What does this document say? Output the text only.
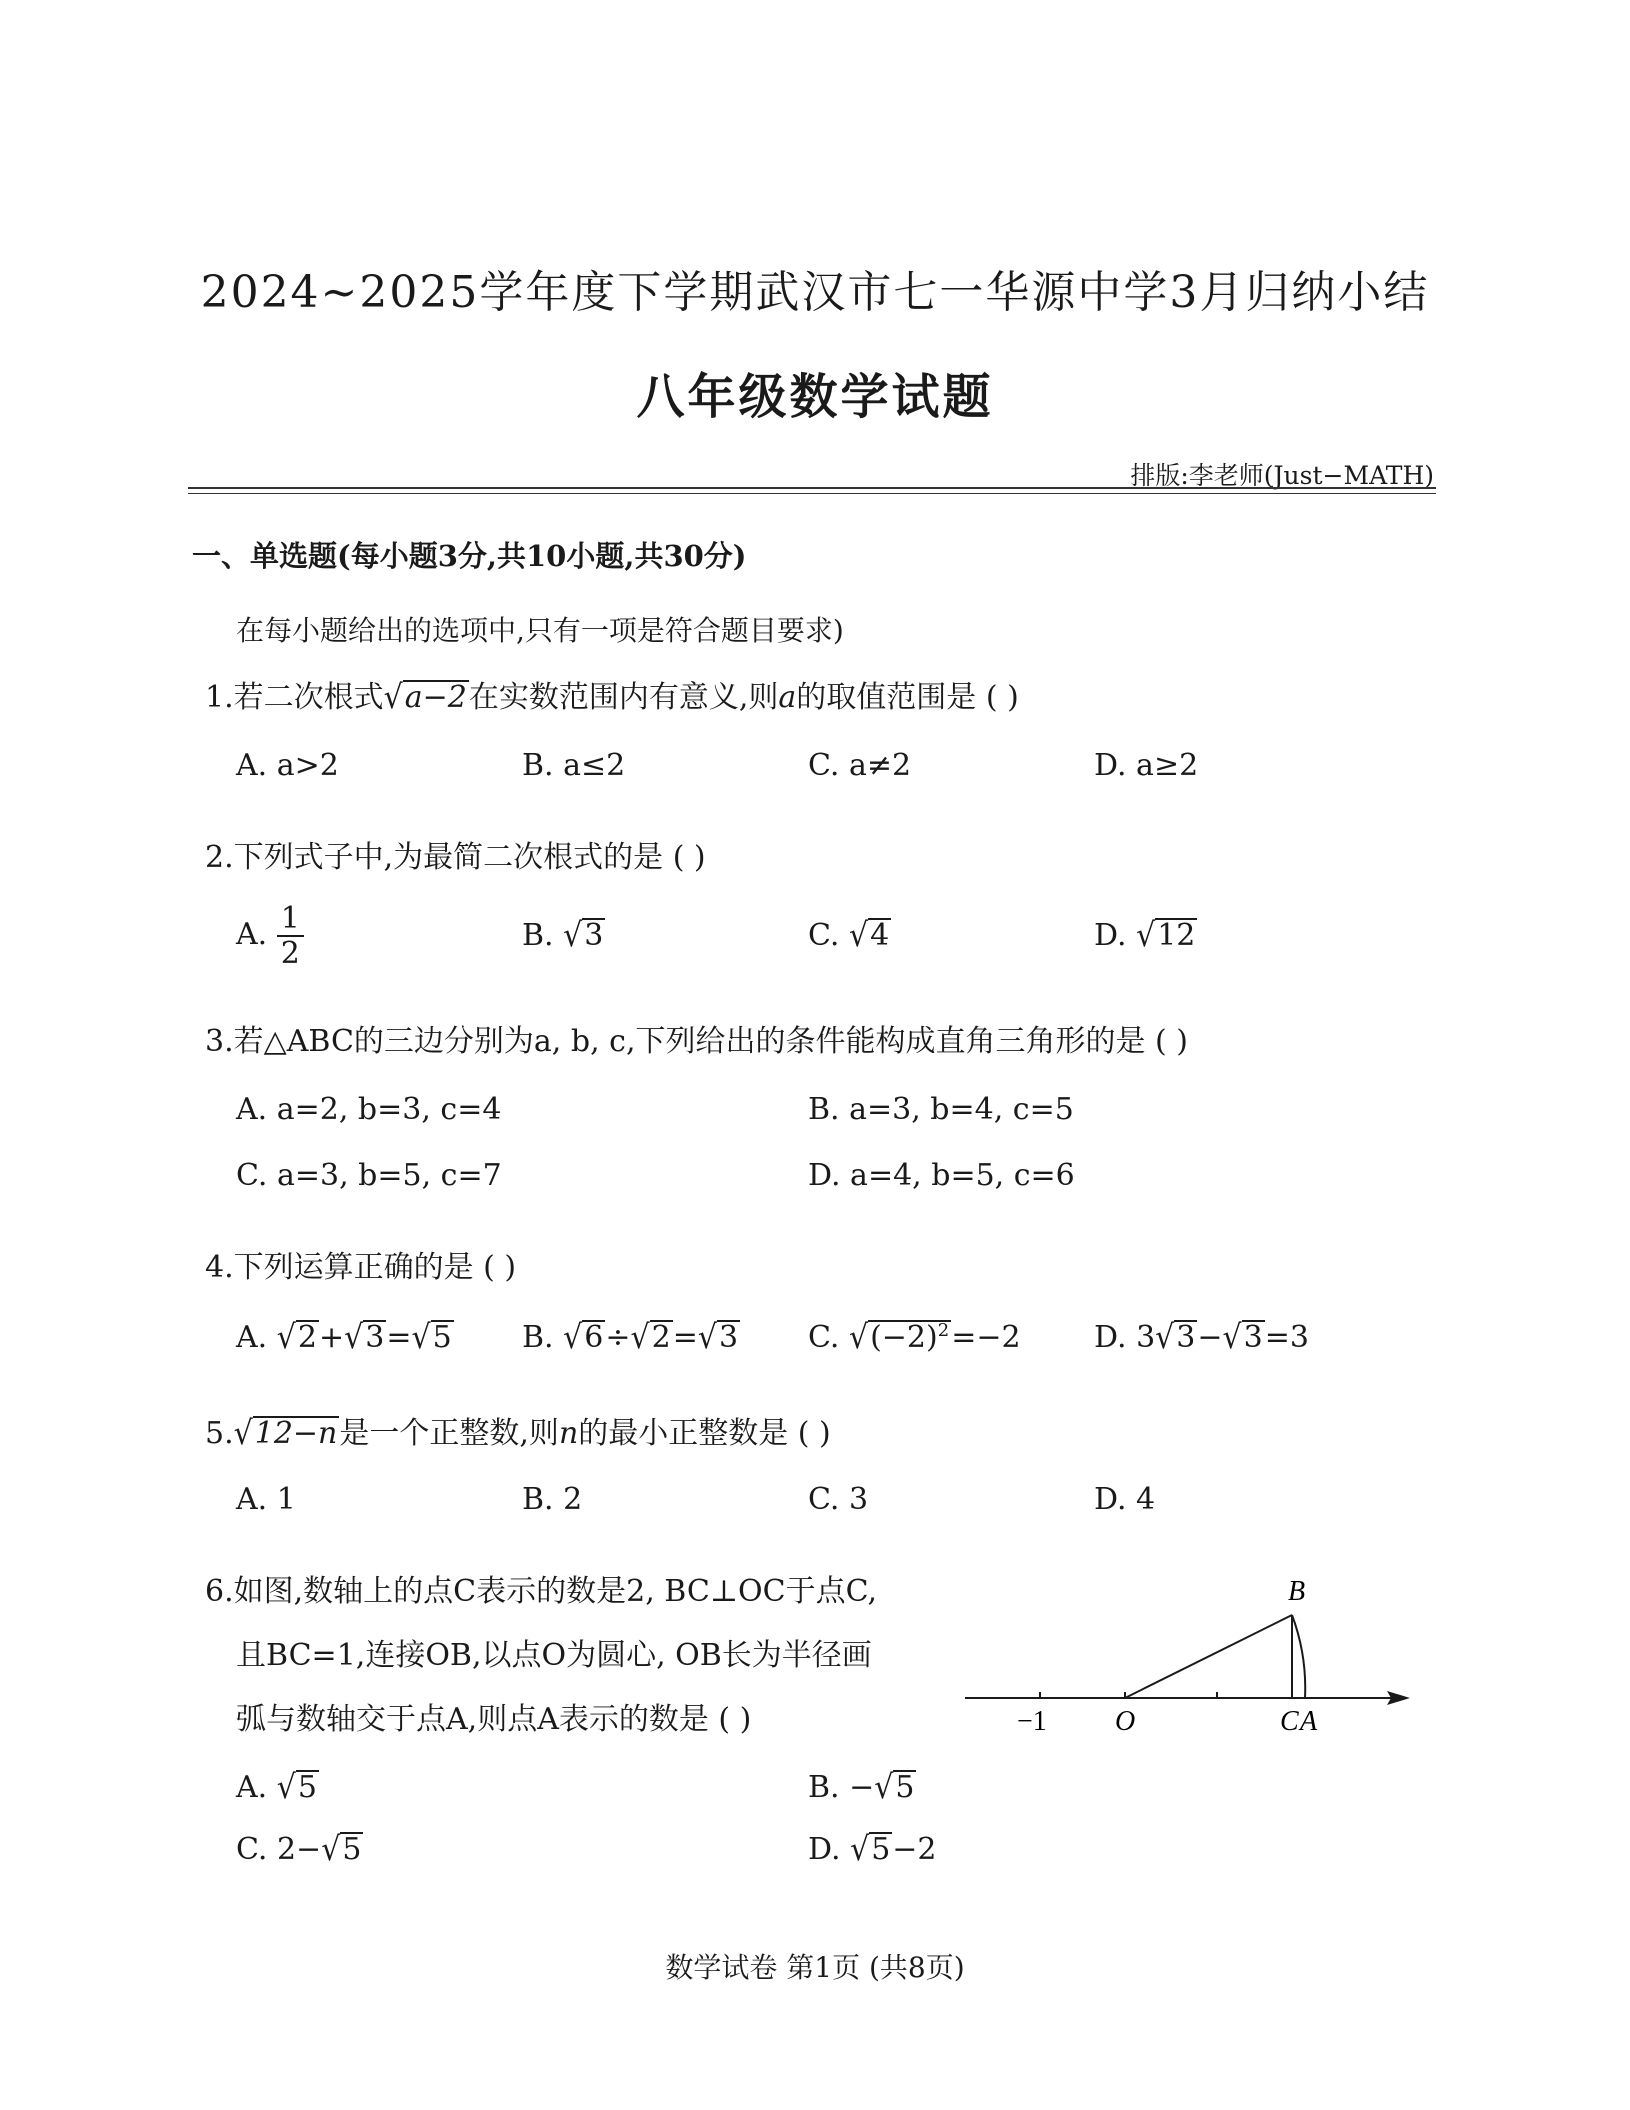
2024~2025学年度下学期武汉市七一华源中学3月归纳小结
八年级数学试题
排版:李老师(Just−MATH)
一、单选题(每小题3分,共10小题,共30分)
在每小题给出的选项中,只有一项是符合题目要求)
1.若二次根式√a−2在实数范围内有意义,则a的取值范围是 ( )
A. a>2	B. a≤2	C. a≠2	D. a≥2
2.下列式子中,为最简二次根式的是 ( )
A. $\frac{1}{2}$	B. √3	C. √4	D. √12
3.若△ABC的三边分别为a, b, c,下列给出的条件能构成直角三角形的是 ( )
A. a=2, b=3, c=4	B. a=3, b=4, c=5
C. a=3, b=5, c=7	D. a=4, b=5, c=6
4.下列运算正确的是 ( )
A. √2+√3=√5 B. √6÷√2=√3 C. $√(-2)^2=-2$ D. 3√3−√3=3
5.√12−n是一个正整数,则n的最小正整数是 ( )
A. 1	B. 2	C. 3	D. 4
6.如图,数轴上的点C表示的数是2, BC⊥OC于点C,
且BC=1,连接OB,以点O为圆心, OB长为半径画
弧与数轴交于点A,则点A表示的数是 ( )
A. √5	B. −√5
C. 2−√5	D. √5−2
B
−1 O	C A
数学试卷 第1页 (共8页)
